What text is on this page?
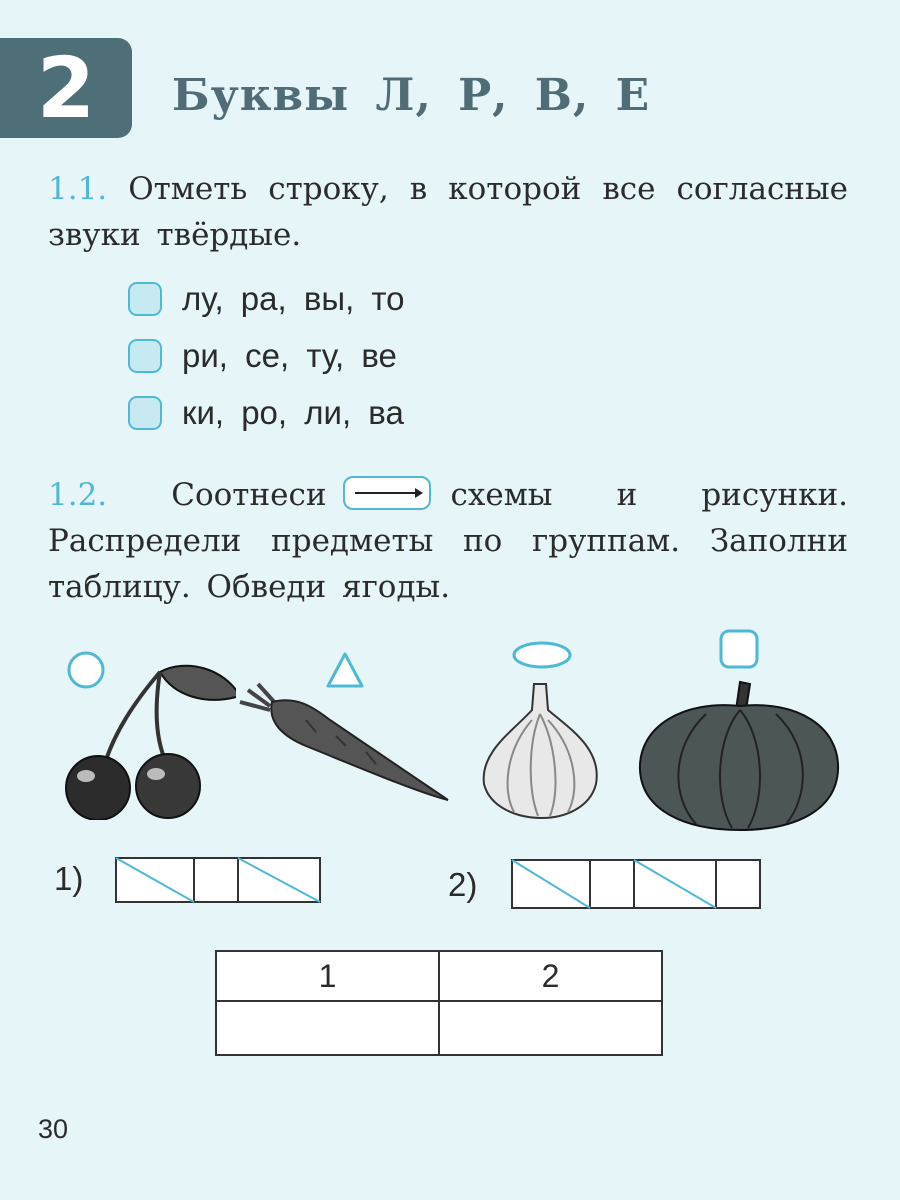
2 Буквы Л, Р, В, Е
1.1. Отметь строку, в которой все согласные звуки твёрдые.
лу, ра, вы, то
ри, се, ту, ве
ки, ро, ли, ва
1.2. Соотнеси	схемы и рисунки. Распредели предметы по группам. Заполни таблицу. Обведи ягоды.
1)	2)
1	2

30
